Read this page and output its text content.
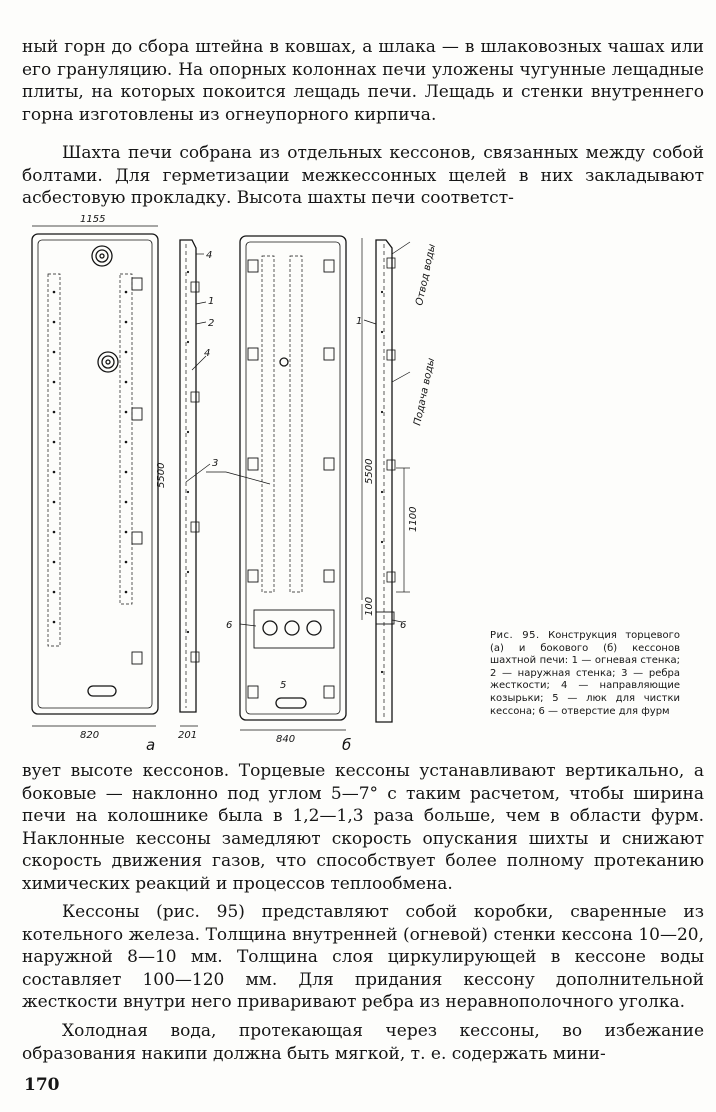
ный горн до сбора штейна в ковшах, а шлака — в шлаковозных чашах или его грануляцию. На опорных колоннах печи уложены чугунные лещадные плиты, на которых покоится лещадь печи. Лещадь и стенки внутреннего горна изготовлены из огнеупорного кирпича.

Шахта печи собрана из отдельных кессонов, связанных между собой болтами. Для герметизации межкессонных щелей в них закладывают асбестовую прокладку. Высота шахты печи соответст-

1155
820	201	840
5500	5500
1100
100
4
1
2
4
3
6
5
1
6
Отвод воды
Подача воды
а	б
Рис. 95. Конструкция торцевого (а) и бокового (б) кессонов шахтной печи: 1 — огневая стенка; 2 — наружная стенка; 3 — ребра жесткости; 4 — направляющие козырьки; 5 — люк для чистки кессона; 6 — отверстие для фурм

вует высоте кессонов. Торцевые кессоны устанавливают вертикально, а боковые — наклонно под углом 5—7° с таким расчетом, чтобы ширина печи на колошнике была в 1,2—1,3 раза больше, чем в области фурм. Наклонные кессоны замедляют скорость опускания шихты и снижают скорость движения газов, что способствует более полному протеканию химических реакций и процессов теплообмена.

Кессоны (рис. 95) представляют собой коробки, сваренные из котельного железа. Толщина внутренней (огневой) стенки кессона 10—20, наружной 8—10 мм. Толщина слоя циркулирующей в кессоне воды составляет 100—120 мм. Для придания кессону дополнительной жесткости внутри него приваривают ребра из неравнополочного уголка.

Холодная вода, протекающая через кессоны, во избежание образования накипи должна быть мягкой, т. е. содержать мини-

170
